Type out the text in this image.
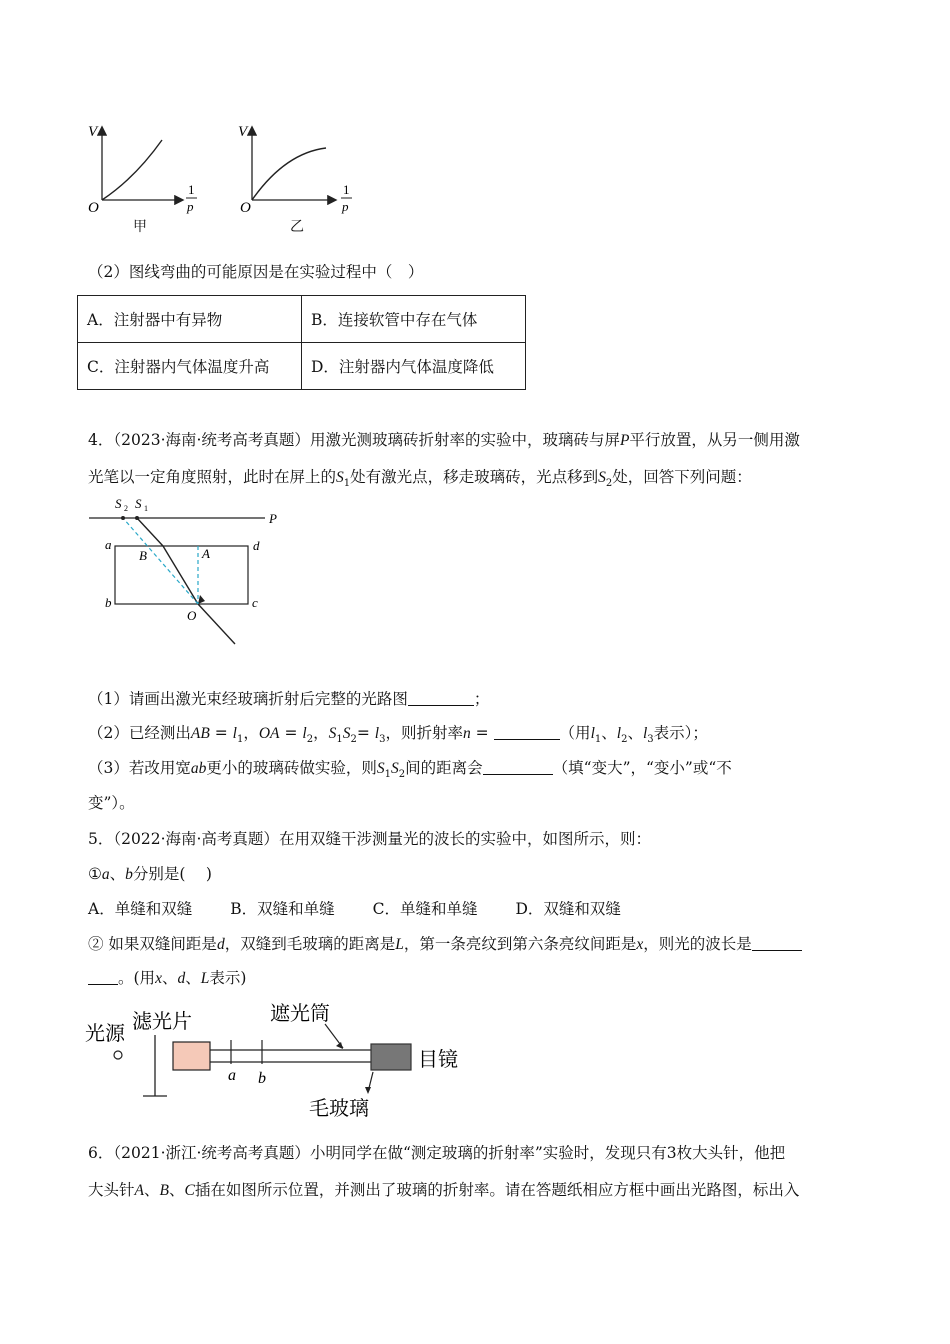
V
O
1
p
V
O
1
p
甲	乙
（2）图线弯曲的可能原因是在实验过程中（　）
A．注射器中有异物	B．连接软管中存在气体
C．注射器内气体温度升高	D．注射器内气体温度降低
4．（2023·海南·统考高考真题）用激光测玻璃砖折射率的实验中，玻璃砖与屏P平行放置，从另一侧用激
光笔以一定角度照射，此时在屏上的$S_1$处有激光点，移走玻璃砖，光点移到$S_2$处，回答下列问题：
S 2 S 1
P
a	d
B	A
b	c
O
（1）请画出激光束经玻璃折射后完整的光路图	；
（2）已经测出AB = $l_1$，OA = $l_2$，$S_1S_2= l_3$，则折射率n =	（用$l_1$、$l_2$、$l_3$表示）；
（3）若改用宽ab更小的玻璃砖做实验，则$S_1S_2$间的距离会	（填“变大”，“变小”或“不
变”）。
5．（2022·海南·高考真题）在用双缝干涉测量光的波长的实验中，如图所示，则：
①a、b分别是(　 )
A．单缝和双缝 B．双缝和单缝 C．单缝和单缝 D．双缝和双缝
② 如果双缝间距是d，双缝到毛玻璃的距离是L，第一条亮纹到第六条亮纹间距是x，则光的波长是
。(用x、d、L表示)
光源
滤光片
a b
遮光筒
目镜
毛玻璃
6．（2021·浙江·统考高考真题）小明同学在做“测定玻璃的折射率”实验时，发现只有3枚大头针，他把
大头针A、B、C插在如图所示位置，并测出了玻璃的折射率。请在答题纸相应方框中画出光路图，标出入
